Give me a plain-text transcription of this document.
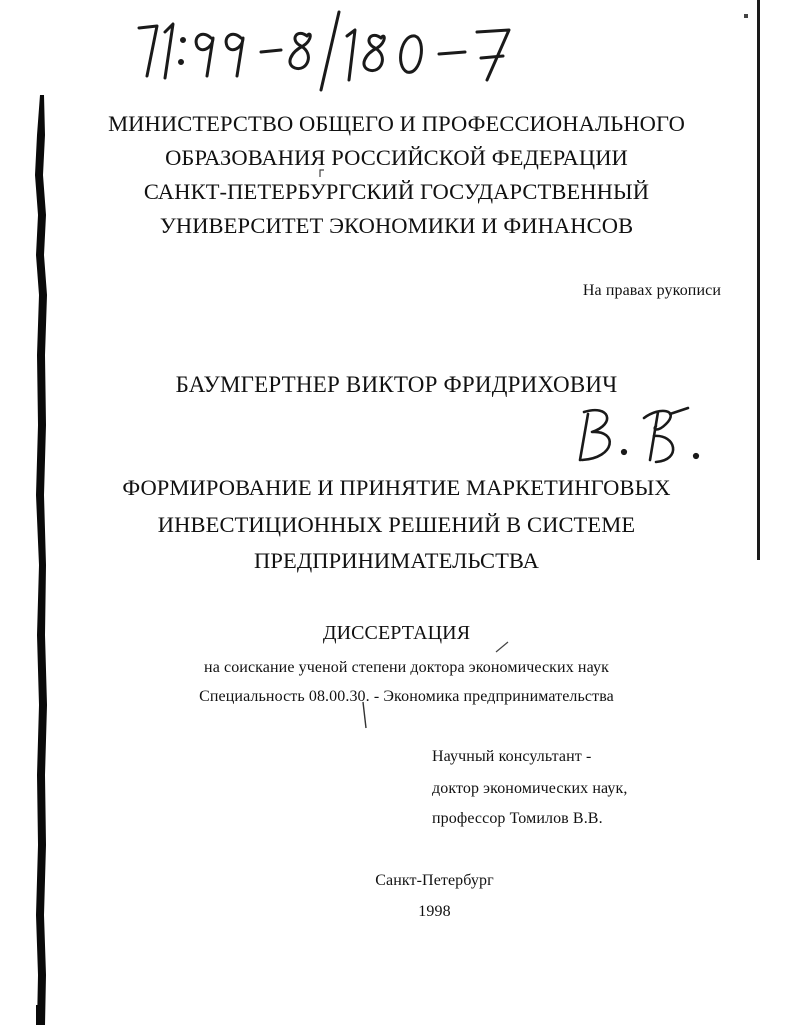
МИНИСТЕРСТВО ОБЩЕГО И ПРОФЕССИОНАЛЬНОГО
ОБРАЗОВАНИЯ РОССИЙСКОЙ ФЕДЕРАЦИИ
САНКТ-ПЕТЕРБУРГСКИЙ ГОСУДАРСТВЕННЫЙ
УНИВЕРСИТЕТ ЭКОНОМИКИ И ФИНАНСОВ
На правах рукописи
БАУМГЕРТНЕР ВИКТОР ФРИДРИХОВИЧ
ФОРМИРОВАНИЕ И ПРИНЯТИЕ МАРКЕТИНГОВЫХ
ИНВЕСТИЦИОННЫХ РЕШЕНИЙ В СИСТЕМЕ
ПРЕДПРИНИМАТЕЛЬСТВА
ДИССЕРТАЦИЯ
на соискание ученой степени доктора экономических наук
Специальность 08.00.30. - Экономика предпринимательства
Научный консультант -
доктор экономических наук,
профессор Томилов В.В.
Санкт-Петербург
1998
